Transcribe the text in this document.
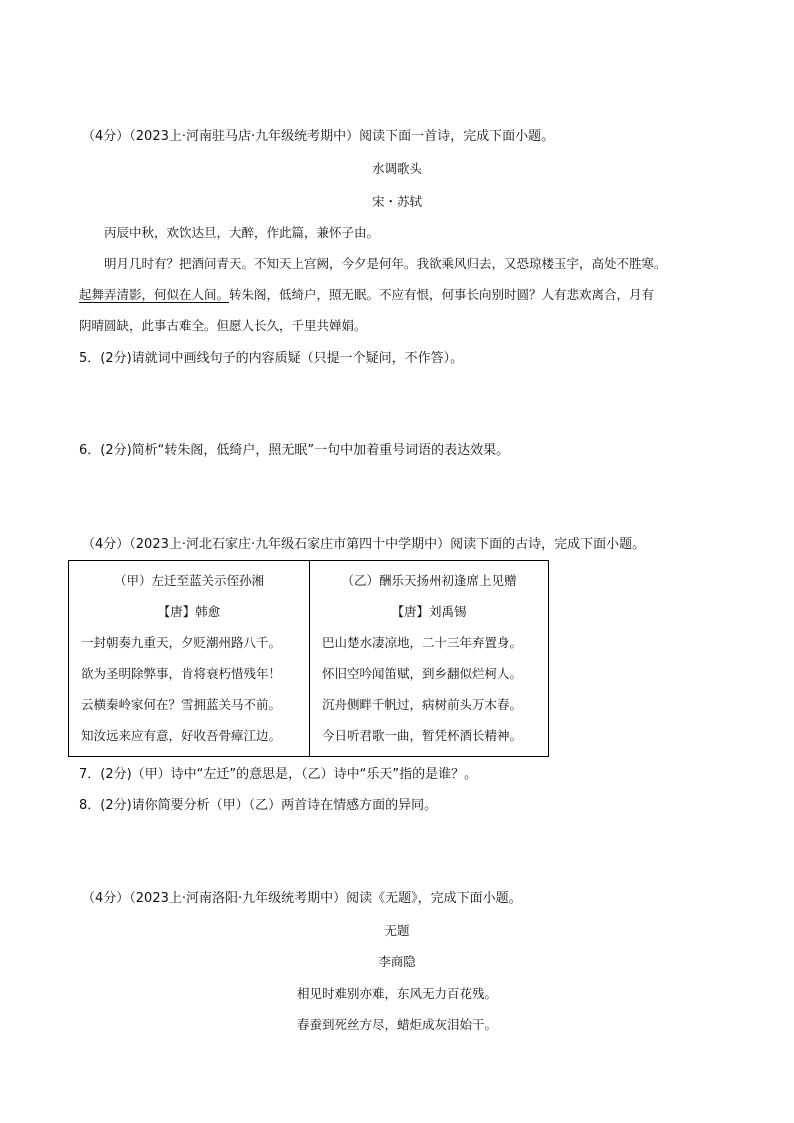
（4分）（2023上·河南驻马店·九年级统考期中）阅读下面一首诗，完成下面小题。
水调歌头
宋・苏轼
丙辰中秋，欢饮达旦，大醉，作此篇，兼怀子由。
明月几时有？把酒问青天。不知天上宫阙，今夕是何年。我欲乘风归去，又恐琼楼玉宇，高处不胜寒。
起舞弄清影，何似在人间。转朱阁，低绮户，照无眠。不应有恨，何事长向别时圆？人有悲欢离合，月有
阴晴圆缺，此事古难全。但愿人长久，千里共婵娟。
5．(2分)请就词中画线句子的内容质疑（只提一个疑问，不作答）。
6．(2分)简析“转朱阁，低绮户，照无眠”一句中加着重号词语的表达效果。
（4分）（2023上·河北石家庄·九年级石家庄市第四十中学期中）阅读下面的古诗，完成下面小题。
（甲）左迁至蓝关示侄孙湘
【唐】韩愈
一封朝奏九重天，夕贬潮州路八千。
欲为圣明除弊事，肯将衰朽惜残年！
云横秦岭家何在？雪拥蓝关马不前。
知汝远来应有意，好收吾骨瘴江边。

（乙）酬乐天扬州初逢席上见赠
【唐】刘禹锡
巴山楚水凄凉地，二十三年弃置身。
怀旧空吟闻笛赋，到乡翻似烂柯人。
沉舟侧畔千帆过，病树前头万木春。
今日听君歌一曲，暂凭杯酒长精神。
7．(2分)（甲）诗中“左迁”的意思是，（乙）诗中“乐天”指的是谁？。
8．(2分)请你简要分析（甲）（乙）两首诗在情感方面的异同。
（4分）（2023上·河南洛阳·九年级统考期中）阅读《无题》，完成下面小题。
无题
李商隐
相见时难别亦难，东风无力百花残。
春蚕到死丝方尽，蜡炬成灰泪始干。
